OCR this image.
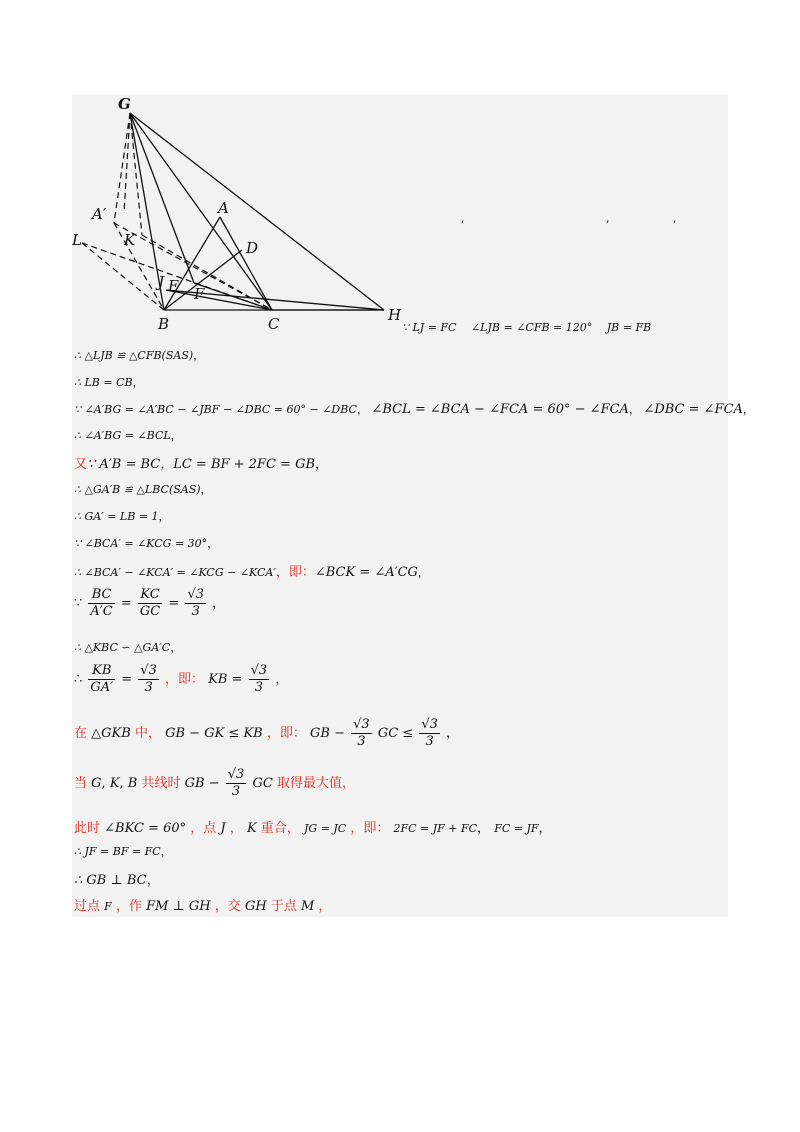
G
A′
L	K
A
D
J E F
B	C	H
,	,	,
∵ LJ = FC　 ∠LJB = ∠CFB = 120°　 JB = FB
∴ △LJB ≌ △CFB(SAS)，
∴ LB = CB，
∵ ∠A′BG = ∠A′BC − ∠JBF − ∠DBC = 60° − ∠DBC， ∠BCL = ∠BCA − ∠FCA = 60° − ∠FCA， ∠DBC = ∠FCA，
∴ ∠A′BG = ∠BCL，
又∵ A′B = BC，LC = BF + 2FC = GB，
∴ △GA′B ≌ △LBC(SAS)，
∴ GA′ = LB = 1，
∵ ∠BCA′ = ∠KCG = 30°，
∴ ∠BCA′ − ∠KCA′ = ∠KCG − ∠KCA′，即：∠BCK = ∠A′CG，
∵ $\frac{BC}{A'C} = \frac{KC}{GC} = \frac{√3}{3}$ ，
∴ △KBC ∽ △GA′C，
∴ $\frac{KB}{GA'} = \frac{√3}{3}$ ，即： KB = $\frac{√3}{3}$ ，
在 △GKB 中， GB − GK ≤ KB ，即： GB − $\frac{√3}{3}$ GC ≤ $\frac{√3}{3}$ ，
当 G, K, B 共线时 GB − $\frac{√3}{3}$ GC 取得最大值，
此时 ∠BKC = 60° ，点 J ， K 重合， JG = JC ，即： 2FC = JF + FC， FC = JF，
∴ JF = BF = FC，
∴ GB ⊥ BC，
过点 F ，作 FM ⊥ GH ，交 GH 于点 M ，
